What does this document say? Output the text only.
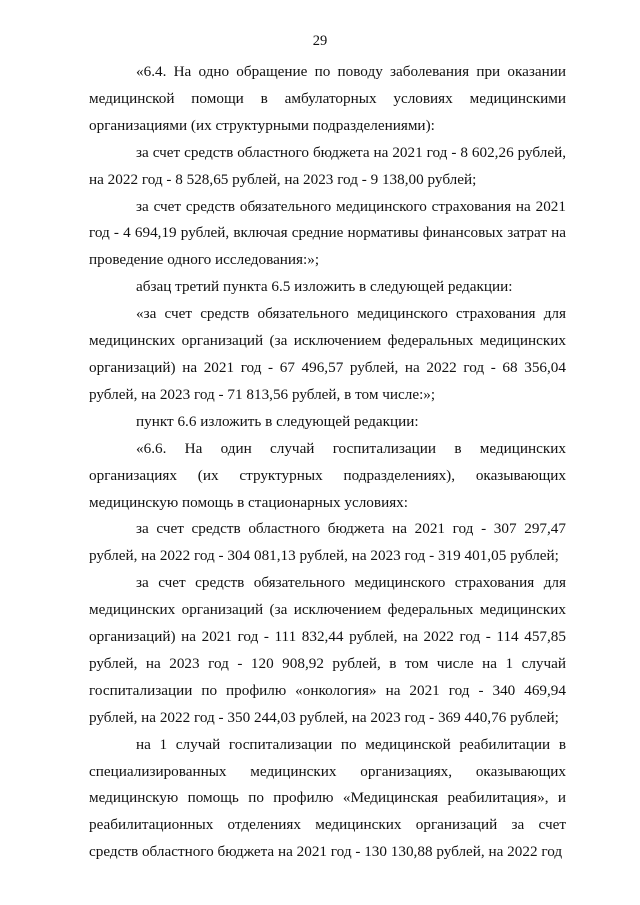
29

«6.4. На одно обращение по поводу заболевания при оказании медицинской помощи в амбулаторных условиях медицинскими организациями (их структурными подразделениями):

за счет средств областного бюджета на 2021 год - 8 602,26 рублей, на 2022 год - 8 528,65 рублей, на 2023 год - 9 138,00 рублей;

за счет средств обязательного медицинского страхования на 2021 год - 4 694,19 рублей, включая средние нормативы финансовых затрат на проведение одного исследования:»;

абзац третий пункта 6.5 изложить в следующей редакции:

«за счет средств обязательного медицинского страхования для медицинских организаций (за исключением федеральных медицинских организаций) на 2021 год - 67 496,57 рублей, на 2022 год - 68 356,04 рублей, на 2023 год - 71 813,56 рублей, в том числе:»;

пункт 6.6 изложить в следующей редакции:

«6.6. На один случай госпитализации в медицинских организациях (их структурных подразделениях), оказывающих медицинскую помощь в стационарных условиях:

за счет средств областного бюджета на 2021 год - 307 297,47 рублей, на 2022 год - 304 081,13 рублей, на 2023 год - 319 401,05 рублей;

за счет средств обязательного медицинского страхования для медицинских организаций (за исключением федеральных медицинских организаций) на 2021 год - 111 832,44 рублей, на 2022 год - 114 457,85 рублей, на 2023 год - 120 908,92 рублей, в том числе на 1 случай госпитализации по профилю «онкология» на 2021 год - 340 469,94 рублей, на 2022 год - 350 244,03 рублей, на 2023 год - 369 440,76 рублей;

на 1 случай госпитализации по медицинской реабилитации в специализированных медицинских организациях, оказывающих медицинскую помощь по профилю «Медицинская реабилитация», и реабилитационных отделениях медицинских организаций за счет средств областного бюджета на 2021 год - 130 130,88 рублей, на 2022 год
